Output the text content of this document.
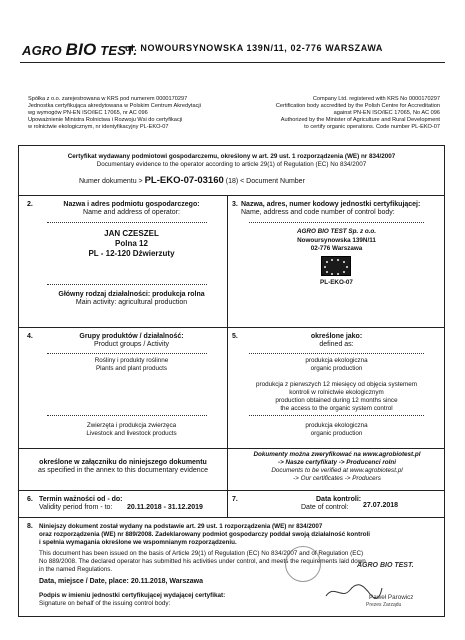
AGRO BIO TEST.
ul. NOWOURSYNOWSKA 139N/11, 02-776 WARSZAWA
Spółka z o.o. zarejestrowana w KRS pod numerem 0000170297
Jednostka certyfikująca akredytowana w Polskim Centrum Akredytacji
wg wymogów PN-EN ISO/IEC 17065, nr AC 096
Upoważnienie Ministra Rolnictwa i Rozwoju Wsi do certyfikacji
w rolnictwie ekologicznym, nr identyfikacyjny PL-EKO-07
Company Ltd. registered with KRS No 0000170297
Certification body accredited by the Polish Centre for Accreditation
against PN-EN ISO/IEC 17065, No AC 096
Authorized by the Minister of Agriculture and Rural Development
to certify organic operations. Code number PL-EKO-07
Certyfikat wydawany podmiotowi gospodarczemu, określony w art. 29 ust. 1 rozporządzenia (WE) nr 834/2007
Documentary evidence to the operator according to article 29(1) of Regulation (EC) No 834/2007
Numer dokumentu > PL-EKO-07-03160 (18) < Document Number
2.	Nazwa i adres podmiotu gospodarczego:
Name and address of operator:
JAN CZESZEL
Polna 12
PL - 12-120 Dźwierzuty
Główny rodzaj działalności: produkcja rolna
Main activity: agricultural production
3. Nazwa, adres, numer kodowy jednostki certyfikującej:
Name, address and code number of control body:
AGRO BIO TEST Sp. z o.o.
Nowoursynowska 139N/11
02-776 Warszawa
PL-EKO-07
4.	Grupy produktów / działalność:
Product groups / Activity
Rośliny i produkty roślinne
Plants and plant products
Zwierzęta i produkcja zwierzęca
Livestock and livestock products
5.	określone jako:
defined as:
produkcja ekologiczna
organic production
produkcja z pierwszych 12 miesięcy od objęcia systemem
kontroli w rolnictwie ekologicznym
production obtained during 12 months since
the access to the organic system control
produkcja ekologiczna
organic production
określone w załączniku do niniejszego dokumentu
as specified in the annex to this documentary evidence
Dokumenty można zweryfikować na www.agrobiotest.pl
-> Nasze certyfikaty -> Producenci rolni
Documents to be verified at www.agrobiotest.pl
-> Our certificates -> Producers
6. Termin ważności od - do:
Validity period from - to: 20.11.2018 - 31.12.2019
7.	Data kontroli:
Date of control: 27.07.2018
8. Niniejszy dokument został wydany na podstawie art. 29 ust. 1 rozporządzenia (WE) nr 834/2007
oraz rozporządzenia (WE) nr 889/2008. Zadeklarowany podmiot gospodarczy poddał swoją działalność kontroli
i spełnia wymagania określone we wspomnianym rozporządzeniu.
This document has been issued on the basis of Article 29(1) of Regulation (EC) No 834/2007 and of Regulation (EC)
No 889/2008. The declared operator has submitted his activities under control, and meets the requirements laid down
in the named Regulations.
Data, miejsce / Date, place: 20.11.2018, Warszawa
Podpis w imieniu jednostki certyfikującej wydającej certyfikat:
Signature on behalf of the issuing control body:
AGRO BIO TEST.
Paweł Parowicz
Prezes Zarządu
